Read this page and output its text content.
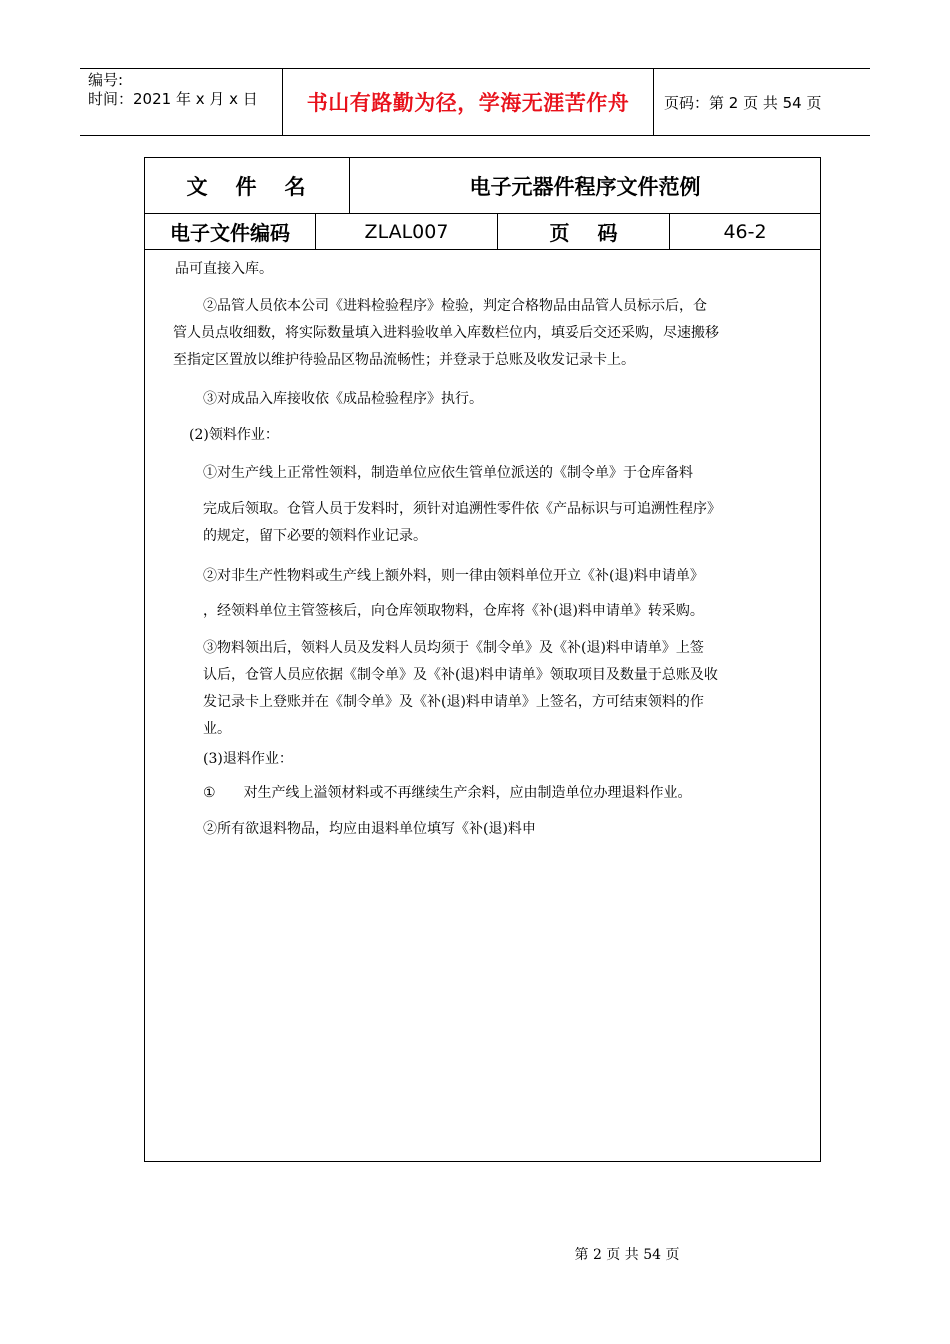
编号:
时间：2021 年 x 月 x 日	书山有路勤为径，学海无涯苦作舟	页码：第 2 页 共 54 页
文 件 名	电子元器件程序文件范例
电子文件编码	ZLAL007	页 码	46-2
品可直接入库。
②品管人员依本公司《进料检验程序》检验，判定合格物品由品管人员标示后，仓
管人员点收细数，将实际数量填入进料验收单入库数栏位内，填妥后交还采购，尽速搬移
至指定区置放以维护待验品区物品流畅性；并登录于总账及收发记录卡上。
③对成品入库接收依《成品检验程序》执行。
(2)领料作业：
①对生产线上正常性领料，制造单位应依生管单位派送的《制令单》于仓库备料
完成后领取。仓管人员于发料时，须针对追溯性零件依《产品标识与可追溯性程序》
的规定，留下必要的领料作业记录。
②对非生产性物料或生产线上额外料，则一律由领料单位开立《补(退)料申请单》
，经领料单位主管签核后，向仓库领取物料，仓库将《补(退)料申请单》转采购。
③物料领出后，领料人员及发料人员均须于《制令单》及《补(退)料申请单》上签
认后，仓管人员应依据《制令单》及《补(退)料申请单》领取项目及数量于总账及收
发记录卡上登账并在《制令单》及《补(退)料申请单》上签名，方可结束领料的作
业。
(3)退料作业：
① 对生产线上溢领材料或不再继续生产余料，应由制造单位办理退料作业。
②所有欲退料物品，均应由退料单位填写《补(退)料申
第 2 页 共 54 页
